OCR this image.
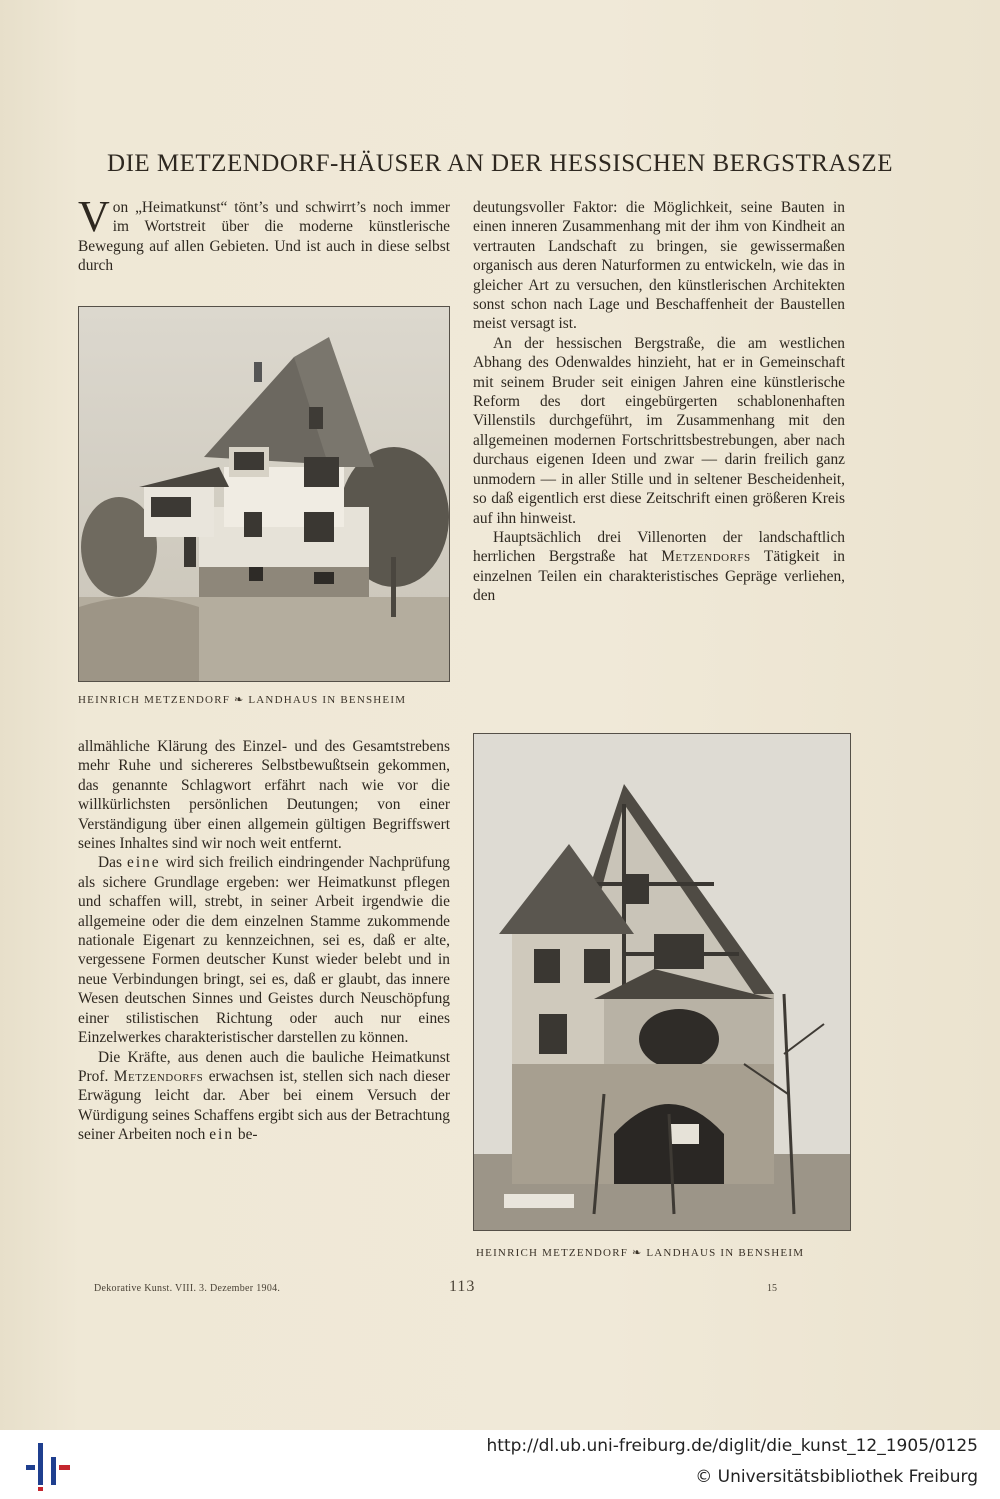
DIE METZENDORF-HÄUSER AN DER HESSISCHEN BERGSTRASZE

Von „Heimatkunst“ tönt’s und schwirrt’s noch immer im Wortstreit über die moderne künstlerische Bewegung auf allen Gebieten. Und ist auch in diese selbst durch

HEINRICH METZENDORF ❧ LANDHAUS IN BENSHEIM

deutungsvoller Faktor: die Möglichkeit, seine Bauten in einen inneren Zusammenhang mit der ihm von Kindheit an vertrauten Landschaft zu bringen, sie gewissermaßen organisch aus deren Naturformen zu entwickeln, wie das in gleicher Art zu versuchen, den künstlerischen Architekten sonst schon nach Lage und Beschaffenheit der Baustellen meist versagt ist.

An der hessischen Bergstraße, die am westlichen Abhang des Odenwaldes hinzieht, hat er in Gemeinschaft mit seinem Bruder seit einigen Jahren eine künstlerische Reform des dort eingebürgerten schablonenhaften Villenstils durchgeführt, im Zusammenhang mit den allgemeinen modernen Fortschrittsbestrebungen, aber nach durchaus eigenen Ideen und zwar — darin freilich ganz unmodern — in aller Stille und in seltener Bescheidenheit, so daß eigentlich erst diese Zeitschrift einen größeren Kreis auf ihn hinweist.

Hauptsächlich drei Villenorten der landschaftlich herrlichen Bergstraße hat Metzendorfs Tätigkeit in einzelnen Teilen ein charakteristisches Gepräge verliehen, den

allmähliche Klärung des Einzel- und des Gesamtstrebens mehr Ruhe und sichereres Selbstbewußtsein gekommen, das genannte Schlagwort erfährt nach wie vor die willkürlichsten persönlichen Deutungen; von einer Verständigung über einen allgemein gültigen Begriffswert seines Inhaltes sind wir noch weit entfernt.

Das eine wird sich freilich eindringender Nachprüfung als sichere Grundlage ergeben: wer Heimatkunst pflegen und schaffen will, strebt, in seiner Arbeit irgendwie die allgemeine oder die dem einzelnen Stamme zukommende nationale Eigenart zu kennzeichnen, sei es, daß er alte, vergessene Formen deutscher Kunst wieder belebt und in neue Verbindungen bringt, sei es, daß er glaubt, das innere Wesen deutschen Sinnes und Geistes durch Neuschöpfung einer stilistischen Richtung oder auch nur eines Einzelwerkes charakteristischer darstellen zu können.

Die Kräfte, aus denen auch die bauliche Heimatkunst Prof. Metzendorfs erwachsen ist, stellen sich nach dieser Erwägung leicht dar. Aber bei einem Versuch der Würdigung seines Schaffens ergibt sich aus der Betrachtung seiner Arbeiten noch ein be-

HEINRICH METZENDORF ❧ LANDHAUS IN BENSHEIM
Dekorative Kunst. VIII. 3. Dezember 1904.	113	15
http://dl.ub.uni-freiburg.de/diglit/die_kunst_12_1905/0125
© Universitätsbibliothek Freiburg
